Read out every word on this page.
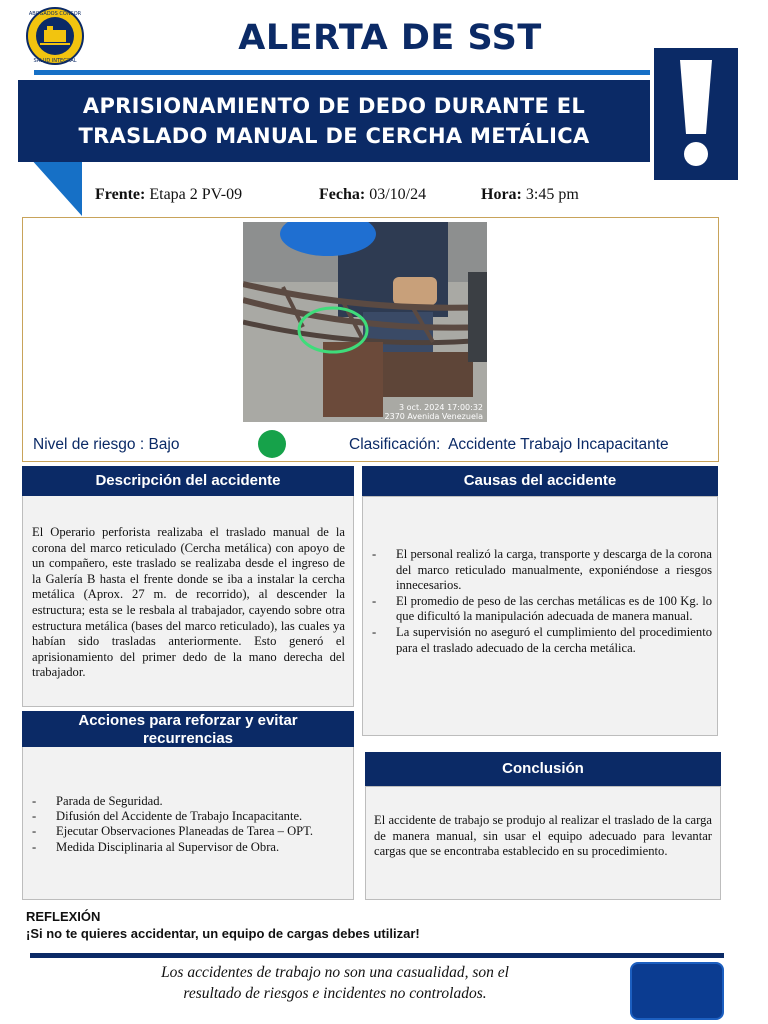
ABOGADOS CONSOR
SALUD INTEGRAL
ALERTA DE SST
APRISIONAMIENTO DE DEDO DURANTE EL
TRASLADO MANUAL DE CERCHA METÁLICA
Frente: Etapa 2 PV-09	Fecha: 03/10/24	Hora: 3:45 pm
3 oct. 2024 17:00:32
2370 Avenida Venezuela
Nivel de riesgo : Bajo	Clasificación: Accidente Trabajo Incapacitante
Descripción del accidente
El Operario perforista realizaba el traslado manual de la corona del marco reticulado (Cercha metálica) con apoyo de un compañero, este traslado se realizaba desde el ingreso de la Galería B hasta el frente donde se iba a instalar la cercha metálica (Aprox. 27 m. de recorrido), al descender la estructura; esta se le resbala al trabajador, cayendo sobre otra estructura metálica (bases del marco reticulado), las cuales ya habían sido trasladas anteriormente. Esto generó el aprisionamiento del primer dedo de la mano derecha del trabajador.
Causas del accidente
- El personal realizó la carga, transporte y descarga de la corona del marco reticulado manualmente, exponiéndose a riesgos innecesarios.
- El promedio de peso de las cerchas metálicas es de 100 Kg. lo que dificultó la manipulación adecuada de manera manual.
- La supervisión no aseguró el cumplimiento del procedimiento para el traslado adecuado de la cercha metálica.
Acciones para reforzar y evitar
recurrencias
- Parada de Seguridad.
- Difusión del Accidente de Trabajo Incapacitante.
- Ejecutar Observaciones Planeadas de Tarea – OPT.
- Medida Disciplinaria al Supervisor de Obra.
Conclusión
El accidente de trabajo se produjo al realizar el traslado de la carga de manera manual, sin usar el equipo adecuado para levantar cargas que se encontraba establecido en su procedimiento.
REFLEXIÓN
¡Si no te quieres accidentar, un equipo de cargas debes utilizar!
Los accidentes de trabajo no son una casualidad, son el
resultado de riesgos e incidentes no controlados.
